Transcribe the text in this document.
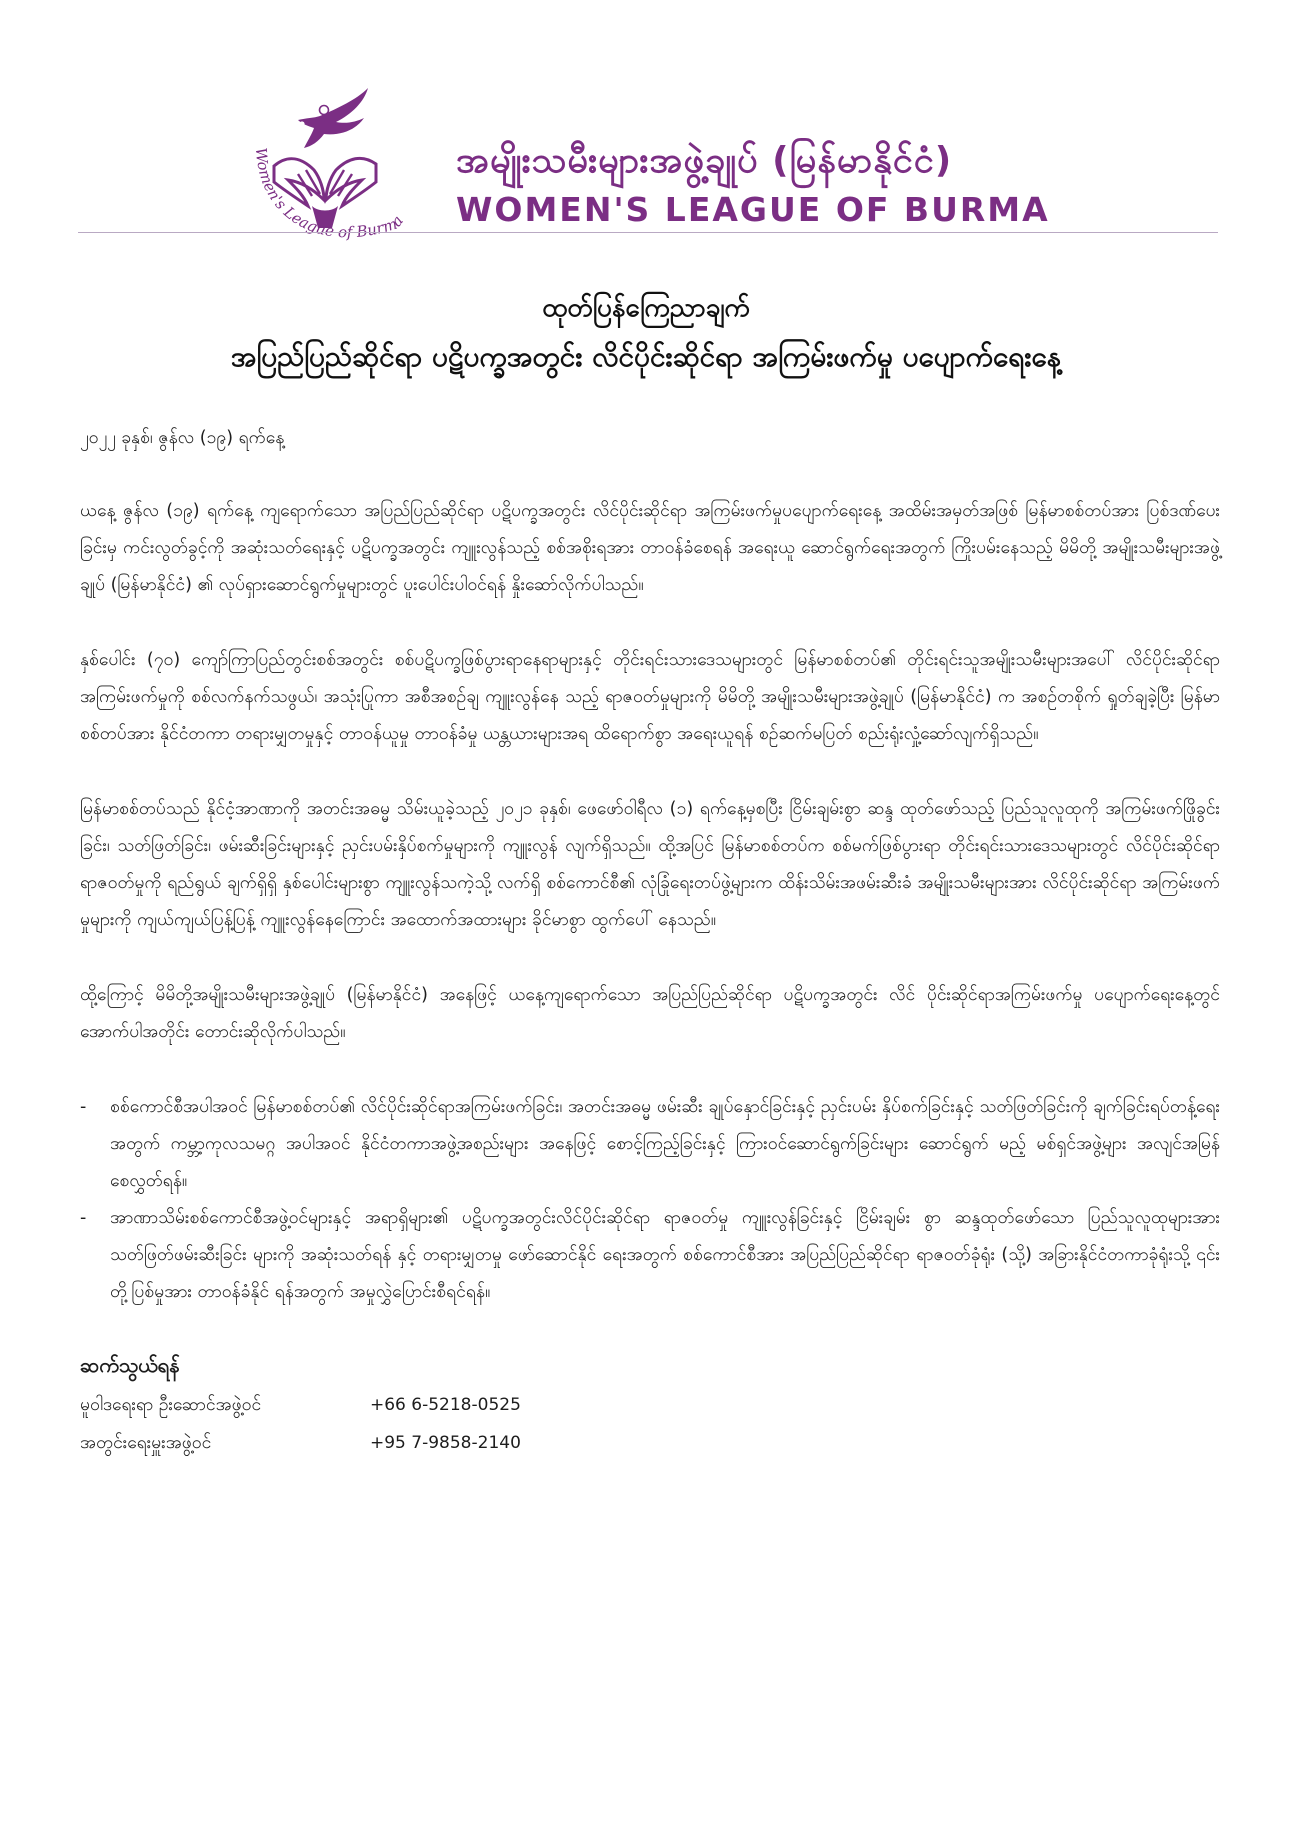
Women's League of Burma
အမျိုးသမီးများအဖွဲ့ချုပ် (မြန်မာနိုင်ငံ)
WOMEN'S LEAGUE OF BURMA
ထုတ်ပြန်ကြေညာချက်
အပြည်ပြည်ဆိုင်ရာ ပဋိပက္ခအတွင်း လိင်ပိုင်းဆိုင်ရာ အကြမ်းဖက်မှု ပပျောက်ရေးနေ့

၂၀၂၂ ခုနှစ်၊ ဇွန်လ (၁၉) ရက်နေ့

ယနေ့ ဇွန်လ (၁၉) ရက်နေ့ ကျရောက်သော အပြည်ပြည်ဆိုင်ရာ ပဋိပက္ခအတွင်း လိင်ပိုင်းဆိုင်ရာ အကြမ်းဖက်မှုပပျောက်ရေးနေ့ အထိမ်းအမှတ်အဖြစ် မြန်မာစစ်တပ်အား ပြစ်ဒဏ်ပေးခြင်းမှ ကင်းလွတ်ခွင့်ကို အဆုံးသတ်ရေးနှင့် ပဋိပက္ခအတွင်း ကျူးလွန်သည့် စစ်အစိုးရအား တာဝန်ခံစေရန် အရေးယူ ဆောင်ရွက်ရေးအတွက် ကြိုးပမ်းနေသည့် မိမိတို့ အမျိုးသမီးများအဖွဲ့ချုပ် (မြန်မာနိုင်ငံ) ၏ လုပ်ရှားဆောင်ရွက်မှုများတွင် ပူးပေါင်းပါဝင်ရန် နှိုးဆော်လိုက်ပါသည်။

နှစ်ပေါင်း (၇၀) ကျော်ကြာပြည်တွင်းစစ်အတွင်း စစ်ပဋိပက္ခဖြစ်ပွားရာနေရာများနှင့် တိုင်းရင်းသားဒေသများတွင် မြန်မာစစ်တပ်၏ တိုင်းရင်းသူအမျိုးသမီးများအပေါ် လိင်ပိုင်းဆိုင်ရာအကြမ်းဖက်မှုကို စစ်လက်နက်သဖွယ်၊ အသုံးပြုကာ အစီအစဉ်ချ ကျူးလွန်နေ သည့် ရာဇဝတ်မှုများကို မိမိတို့ အမျိုးသမီးများအဖွဲ့ချုပ် (မြန်မာနိုင်ငံ) က အစဉ်တစိုက် ရှုတ်ချခဲ့ပြီး မြန်မာစစ်တပ်အား နိုင်ငံတကာ တရားမျှတမှုနှင့် တာဝန်ယူမှု တာဝန်ခံမှု ယန္တယားများအရ ထိရောက်စွာ အရေးယူရန် စဉ်ဆက်မပြတ် စည်းရုံးလှုံ့ဆော်လျက်ရှိသည်။

မြန်မာစစ်တပ်သည် နိုင်ငံ့အာဏာကို အတင်းအဓမ္မ သိမ်းယူခဲ့သည့် ၂၀၂၁ ခုနှစ်၊ ဖေဖော်ဝါရီလ (၁) ရက်နေ့မှစပြီး ငြိမ်းချမ်းစွာ ဆန္ဒ ထုတ်ဖော်သည့် ပြည်သူလူထုကို အကြမ်းဖက်ဖြိုခွင်းခြင်း၊ သတ်ဖြတ်ခြင်း၊ ဖမ်းဆီးခြင်းများနှင့် ညှင်းပမ်းနှိပ်စက်မှုများကို ကျူးလွန် လျက်ရှိသည်။ ထို့အပြင် မြန်မာစစ်တပ်က စစ်မက်ဖြစ်ပွားရာ တိုင်းရင်းသားဒေသများတွင် လိင်ပိုင်းဆိုင်ရာ ရာဇဝတ်မှုကို ရည်ရွယ် ချက်ရှိရှိ နှစ်ပေါင်းများစွာ ကျူးလွန်သကဲ့သို့ လက်ရှိ စစ်ကောင်စီ၏ လုံခြုံရေးတပ်ဖွဲ့များက ထိန်းသိမ်းအဖမ်းဆီးခံ အမျိုးသမီးများအား လိင်ပိုင်းဆိုင်ရာ အကြမ်းဖက်မှုများကို ကျယ်ကျယ်ပြန့်ပြန့် ကျူးလွန်နေကြောင်း အထောက်အထားများ ခိုင်မာစွာ ထွက်ပေါ် နေသည်။

ထို့ကြောင့် မိမိတို့အမျိုးသမီးများအဖွဲ့ချုပ် (မြန်မာနိုင်ငံ) အနေဖြင့် ယနေ့ကျရောက်သော အပြည်ပြည်ဆိုင်ရာ ပဋိပက္ခအတွင်း လိင် ပိုင်းဆိုင်ရာအကြမ်းဖက်မှု ပပျောက်ရေးနေ့တွင် အောက်ပါအတိုင်း တောင်းဆိုလိုက်ပါသည်။

- စစ်ကောင်စီအပါအဝင် မြန်မာစစ်တပ်၏ လိင်ပိုင်းဆိုင်ရာအကြမ်းဖက်ခြင်း၊ အတင်းအဓမ္မ ဖမ်းဆီး ချုပ်နှောင်ခြင်းနှင့် ညှင်းပမ်း နှိပ်စက်ခြင်းနှင့် သတ်ဖြတ်ခြင်းကို ချက်ခြင်းရပ်တန့်ရေးအတွက် ကမ္ဘာ့ကုလသမဂ္ဂ အပါအဝင် နိုင်ငံတကာအဖွဲ့အစည်းများ အနေဖြင့် စောင့်ကြည့်ခြင်းနှင့် ကြားဝင်ဆောင်ရွက်ခြင်းများ ဆောင်ရွက် မည့် မစ်ရှင်အဖွဲ့များ အလျင်အမြန် စေလွှတ်ရန်။
- အာဏာသိမ်းစစ်ကောင်စီအဖွဲ့ဝင်များနှင့် အရာရှိများ၏ ပဋိပက္ခအတွင်းလိင်ပိုင်းဆိုင်ရာ ရာဇဝတ်မှု ကျူးလွန်ခြင်းနှင့် ငြိမ်းချမ်း စွာ ဆန္ဒထုတ်ဖော်သော ပြည်သူလူထုများအား သတ်ဖြတ်ဖမ်းဆီးခြင်း များကို အဆုံးသတ်ရန် နှင့် တရားမျှတမှု ဖော်ဆောင်နိုင် ရေးအတွက် စစ်ကောင်စီအား အပြည်ပြည်ဆိုင်ရာ ရာဇဝတ်ခုံရုံး (သို့) အခြားနိုင်ငံတကာခုံရုံးသို့ ၎င်းတို့ပြစ်မှုအား တာဝန်ခံနိုင် ရန်အတွက် အမှုလွှဲပြောင်းစီရင်ရန်။
ဆက်သွယ်ရန်
မူဝါဒရေးရာ ဦးဆောင်အဖွဲ့ဝင်	+66 6-5218-0525
အတွင်းရေးမှူးအဖွဲ့ဝင်	+95 7-9858-2140
